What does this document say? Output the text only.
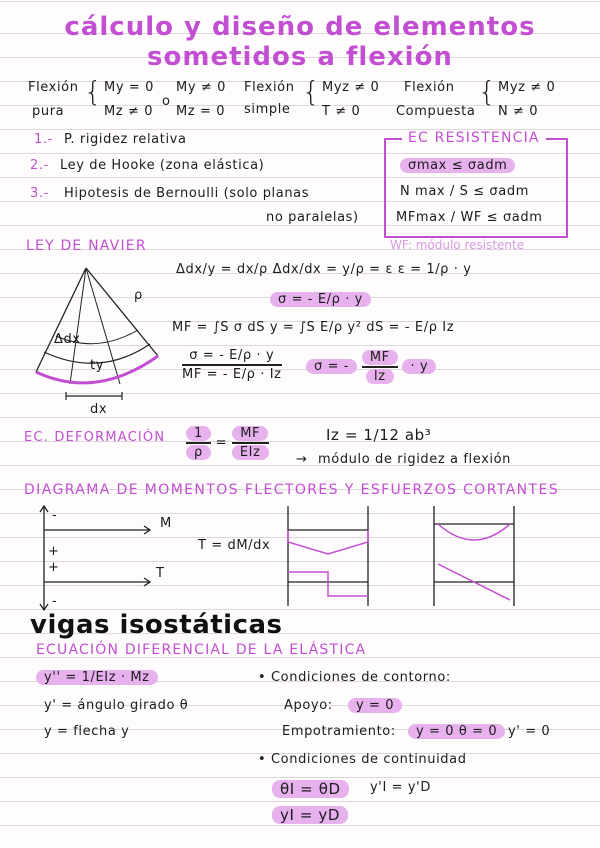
cálculo y diseño de elementos
sometidos a flexión
Flexión
pura
{ My = 0
Mz ≠ 0
o
My ≠ 0
Mz = 0
Flexión
simple
{ Myz ≠ 0
T ≠ 0
Flexión
Compuesta
{ Myz ≠ 0
N ≠ 0
1.- P. rigidez relativa
2.- Ley de Hooke (zona elástica)
3.- Hipotesis de Bernoulli (solo planas
no paralelas)
EC RESISTENCIA
σmax ≤ σadm
N max / S ≤ σadm
MFmax / WF ≤ σadm
WF: módulo resistente
LEY DE NAVIER
ρ
Δdx
ty
dx
Δdx/y = dx/ρ Δdx/dx = y/ρ = ε ε = 1/ρ · y
σ = - E/ρ · y
MF = ∫S σ dS y = ∫S E/ρ y² dS = - E/ρ Iz
$\frac{\sigma = - E/\rho \cdot y}{MF = - E/\rho \cdot Iz}$	σ = - $\frac{MF}{Iz} \cdot y$
EC. DEFORMACIÓN $\frac{1}{\rho} = \frac{MF}{\text{EIz}}$	Iz = 1/12 ab³
→ módulo de rigidez a flexión
DIAGRAMA DE MOMENTOS FLECTORES Y ESFUERZOS CORTANTES
-
M
+
+	T
-
T = dM/dx
vigas isostáticas
ECUACIÓN DIFERENCIAL DE LA ELÁSTICA
y'' = 1/EIz · Mz
y' = ángulo girado θ
y = flecha y
• Condiciones de contorno:
Apoyo:	y = 0
Empotramiento:	y = 0 θ = 0 y' = 0
• Condiciones de continuidad
θI = θD	y'I = y'D
yI = yD
